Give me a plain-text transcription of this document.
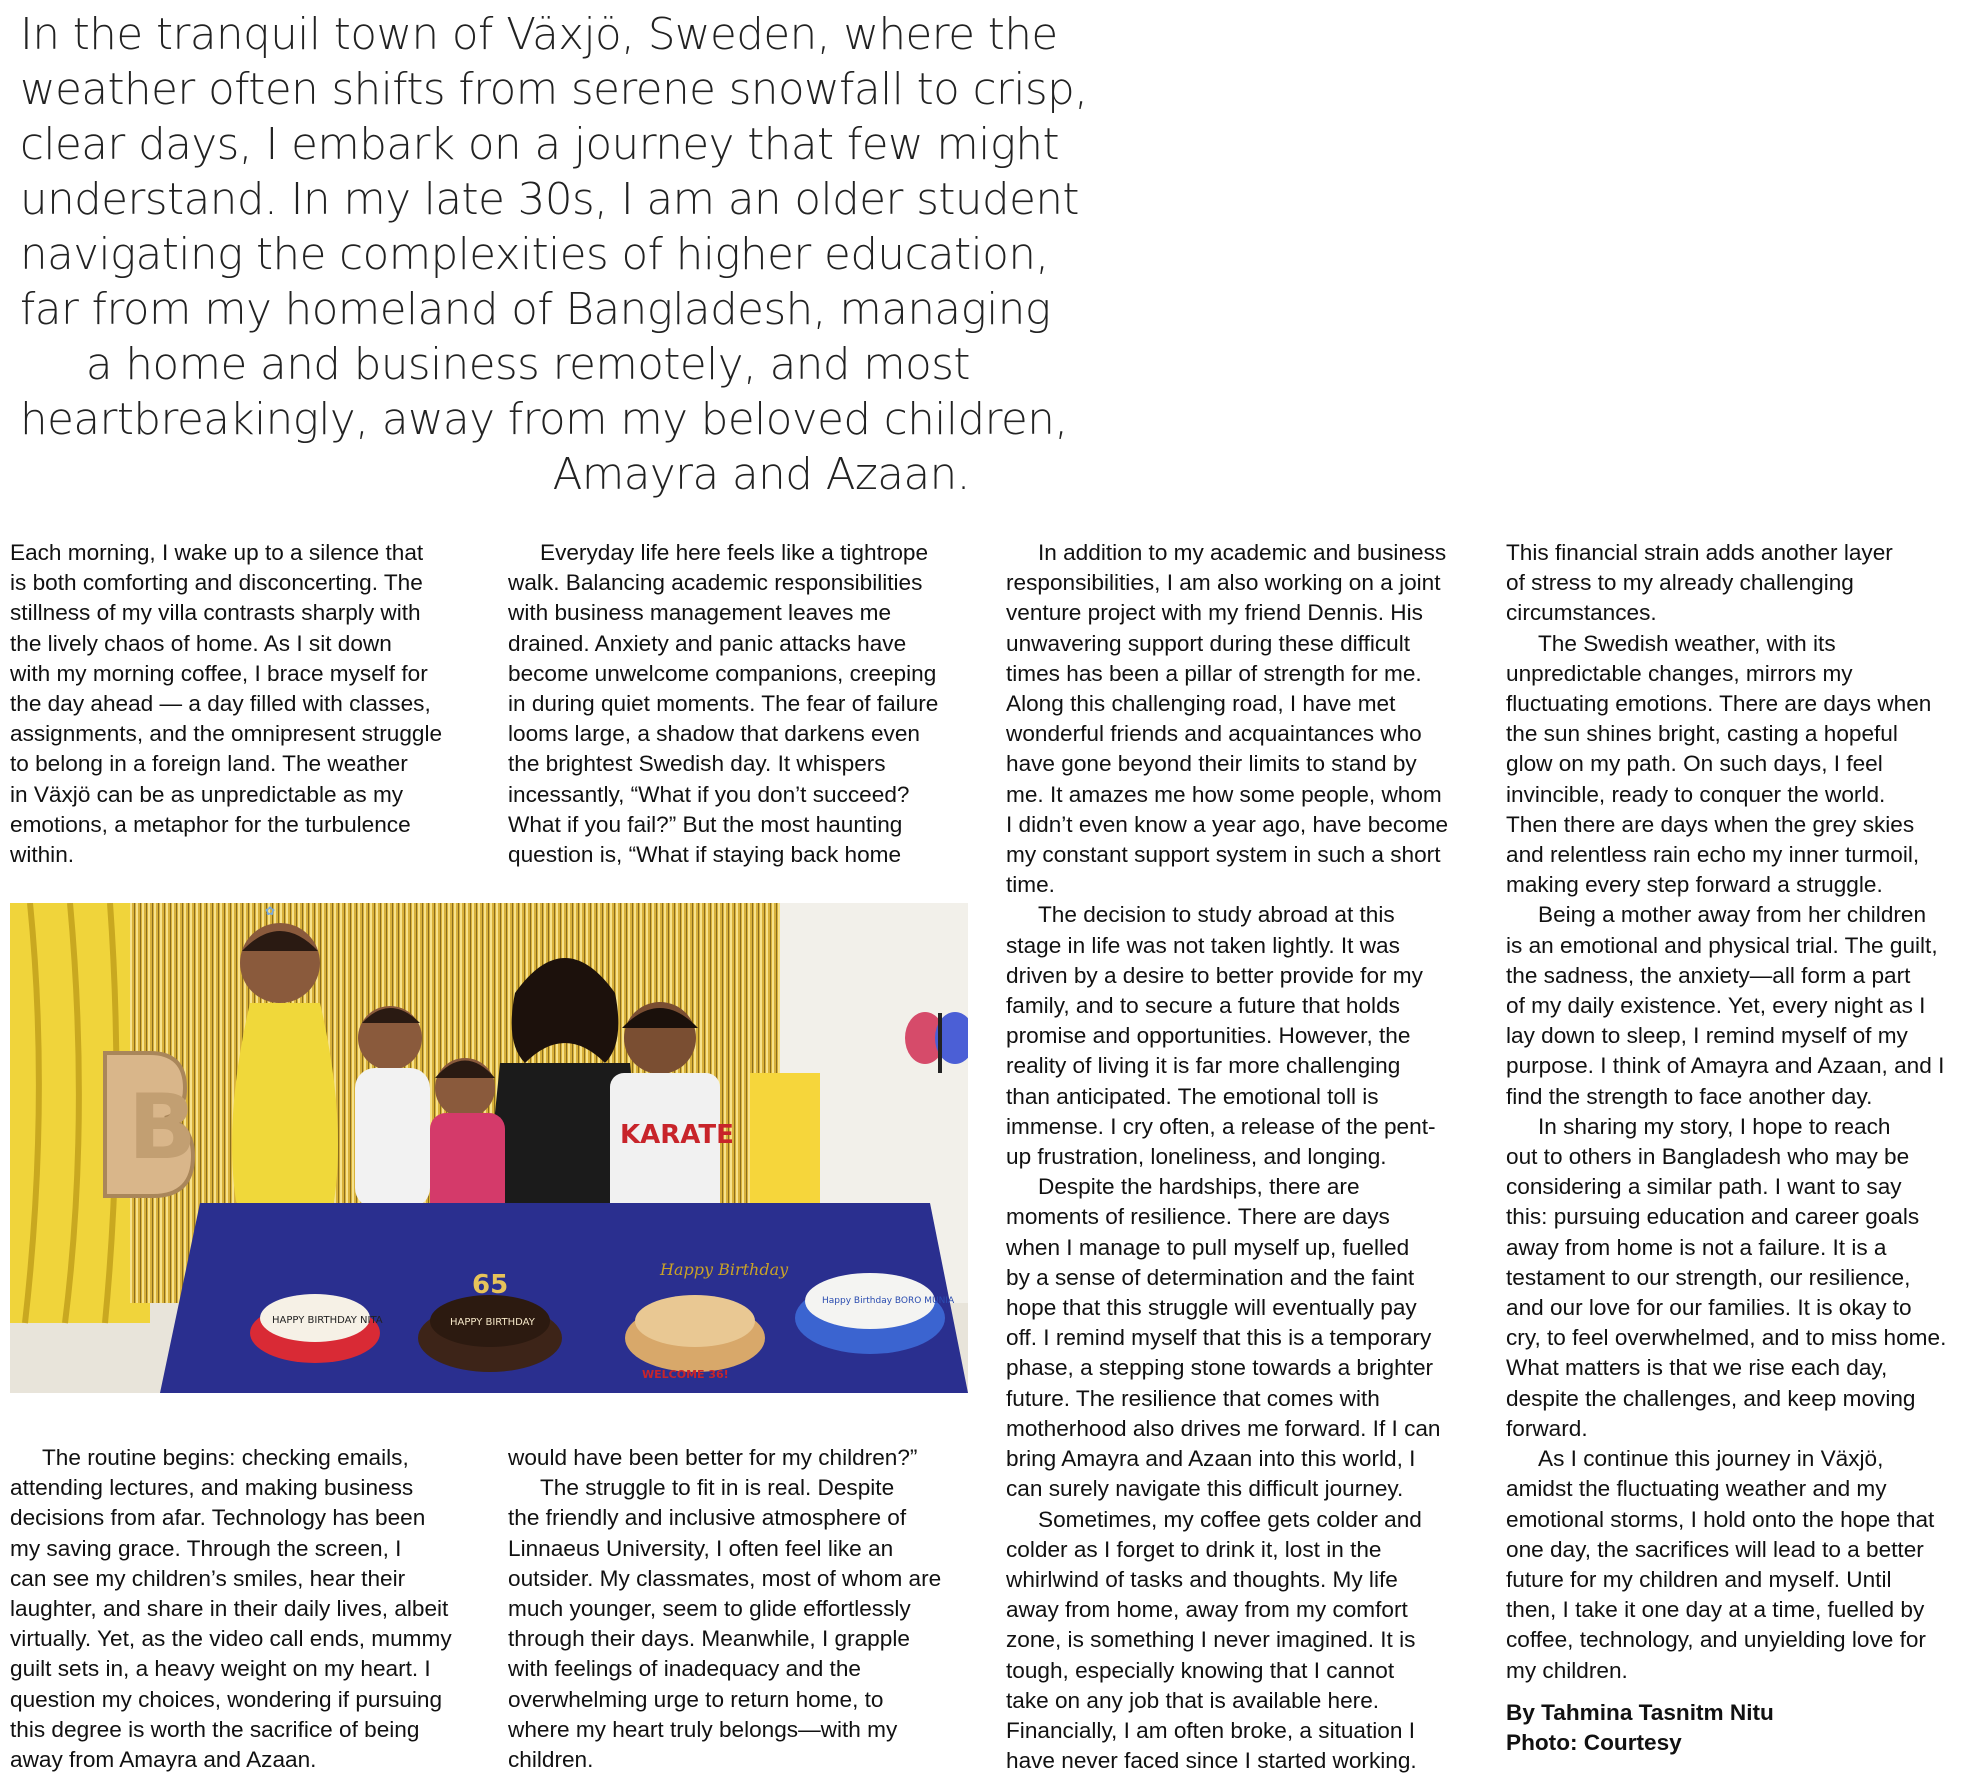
In the tranquil town of Växjö, Sweden, where the
weather often shifts from serene snowfall to crisp,
clear days, I embark on a journey that few might
understand. In my late 30s, I am an older student
navigating the complexities of higher education,
far from my homeland of Bangladesh, managing
a home and business remotely, and most
heartbreakingly, away from my beloved children,
Amayra and Azaan.
Each morning, I wake up to a silence that
is both comforting and disconcerting. The
stillness of my villa contrasts sharply with
the lively chaos of home. As I sit down
with my morning coffee, I brace myself for
the day ahead — a day filled with classes,
assignments, and the omnipresent struggle
to belong in a foreign land. The weather
in Växjö can be as unpredictable as my
emotions, a metaphor for the turbulence
within.
Everyday life here feels like a tightrope
walk. Balancing academic responsibilities
with business management leaves me
drained. Anxiety and panic attacks have
become unwelcome companions, creeping
in during quiet moments. The fear of failure
looms large, a shadow that darkens even
the brightest Swedish day. It whispers
incessantly, “What if you don’t succeed?
What if you fail?” But the most haunting
question is, “What if staying back home
B
✿
KARATE
HAPPY BIRTHDAY NITA	HAPPY BIRTHDAY
65
Happy Birthday
WELCOME 36!
Happy Birthday BORO MUNIA
The routine begins: checking emails,
attending lectures, and making business
decisions from afar. Technology has been
my saving grace. Through the screen, I
can see my children’s smiles, hear their
laughter, and share in their daily lives, albeit
virtually. Yet, as the video call ends, mummy
guilt sets in, a heavy weight on my heart. I
question my choices, wondering if pursuing
this degree is worth the sacrifice of being
away from Amayra and Azaan.
would have been better for my children?”
The struggle to fit in is real. Despite
the friendly and inclusive atmosphere of
Linnaeus University, I often feel like an
outsider. My classmates, most of whom are
much younger, seem to glide effortlessly
through their days. Meanwhile, I grapple
with feelings of inadequacy and the
overwhelming urge to return home, to
where my heart truly belongs—with my
children.
In addition to my academic and business
responsibilities, I am also working on a joint
venture project with my friend Dennis. His
unwavering support during these difficult
times has been a pillar of strength for me.
Along this challenging road, I have met
wonderful friends and acquaintances who
have gone beyond their limits to stand by
me. It amazes me how some people, whom
I didn’t even know a year ago, have become
my constant support system in such a short
time.
The decision to study abroad at this
stage in life was not taken lightly. It was
driven by a desire to better provide for my
family, and to secure a future that holds
promise and opportunities. However, the
reality of living it is far more challenging
than anticipated. The emotional toll is
immense. I cry often, a release of the pent-
up frustration, loneliness, and longing.
Despite the hardships, there are
moments of resilience. There are days
when I manage to pull myself up, fuelled
by a sense of determination and the faint
hope that this struggle will eventually pay
off. I remind myself that this is a temporary
phase, a stepping stone towards a brighter
future. The resilience that comes with
motherhood also drives me forward. If I can
bring Amayra and Azaan into this world, I
can surely navigate this difficult journey.
Sometimes, my coffee gets colder and
colder as I forget to drink it, lost in the
whirlwind of tasks and thoughts. My life
away from home, away from my comfort
zone, is something I never imagined. It is
tough, especially knowing that I cannot
take on any job that is available here.
Financially, I am often broke, a situation I
have never faced since I started working.
This financial strain adds another layer
of stress to my already challenging
circumstances.
The Swedish weather, with its
unpredictable changes, mirrors my
fluctuating emotions. There are days when
the sun shines bright, casting a hopeful
glow on my path. On such days, I feel
invincible, ready to conquer the world.
Then there are days when the grey skies
and relentless rain echo my inner turmoil,
making every step forward a struggle.
Being a mother away from her children
is an emotional and physical trial. The guilt,
the sadness, the anxiety—all form a part
of my daily existence. Yet, every night as I
lay down to sleep, I remind myself of my
purpose. I think of Amayra and Azaan, and I
find the strength to face another day.
In sharing my story, I hope to reach
out to others in Bangladesh who may be
considering a similar path. I want to say
this: pursuing education and career goals
away from home is not a failure. It is a
testament to our strength, our resilience,
and our love for our families. It is okay to
cry, to feel overwhelmed, and to miss home.
What matters is that we rise each day,
despite the challenges, and keep moving
forward.
As I continue this journey in Växjö,
amidst the fluctuating weather and my
emotional storms, I hold onto the hope that
one day, the sacrifices will lead to a better
future for my children and myself. Until
then, I take it one day at a time, fuelled by
coffee, technology, and unyielding love for
my children.
By Tahmina Tasnitm Nitu
Photo: Courtesy
